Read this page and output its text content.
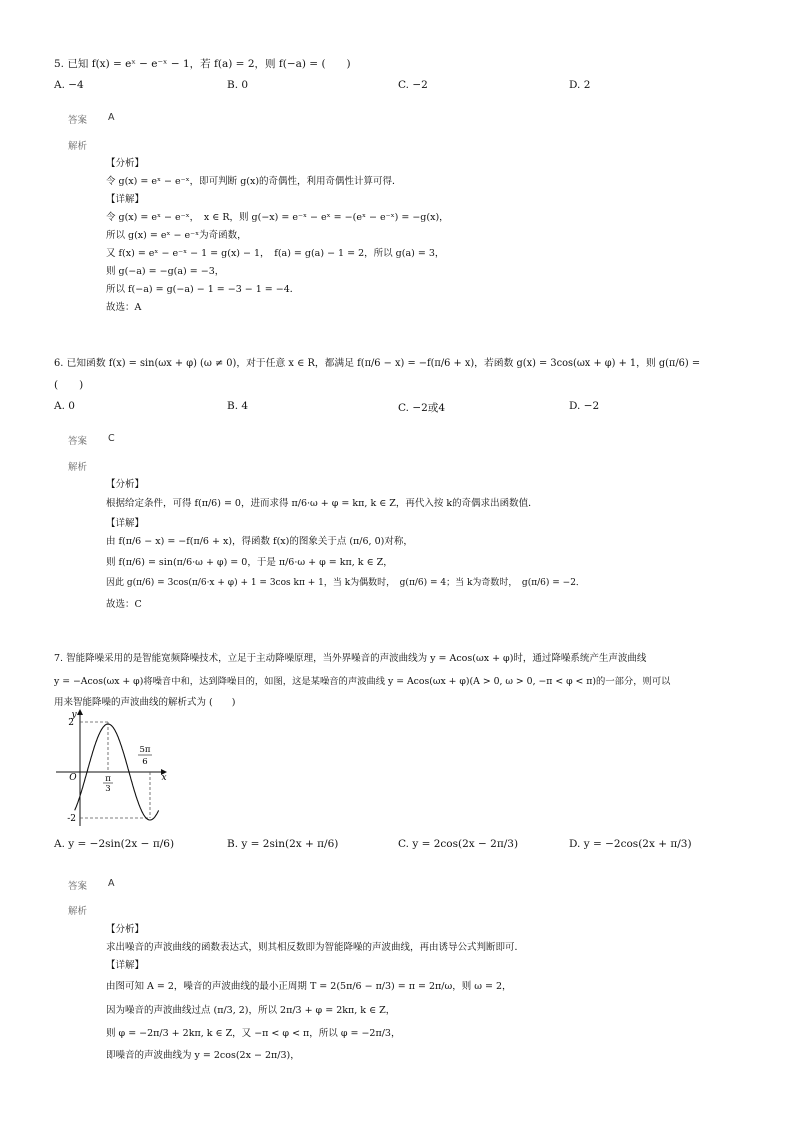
5. 已知 f(x) = eˣ − e⁻ˣ − 1，若 f(a) = 2，则 f(−a) = (　　)
A. −4	B. 0	C. −2	D. 2
答案 A
解析
【分析】
令 g(x) = eˣ − e⁻ˣ，即可判断 g(x)的奇偶性，利用奇偶性计算可得．
【详解】
令 g(x) = eˣ − e⁻ˣ，　x ∈ R，则 g(−x) = e⁻ˣ − eˣ = −(eˣ − e⁻ˣ) = −g(x)，
所以 g(x) = eˣ − e⁻ˣ为奇函数，
又 f(x) = eˣ − e⁻ˣ − 1 = g(x) − 1，　f(a) = g(a) − 1 = 2，所以 g(a) = 3，
则 g(−a) = −g(a) = −3，
所以 f(−a) = g(−a) − 1 = −3 − 1 = −4．
故选：A
6. 已知函数 f(x) = sin(ωx + φ) (ω ≠ 0)，对于任意 x ∈ R，都满足 f(π/6 − x) = −f(π/6 + x)，若函数 g(x) = 3cos(ωx + φ) + 1，则 g(π/6) =
(　　)
A. 0	B. 4	C. −2或4	D. −2
答案 C
解析
【分析】
根据给定条件，可得 f(π/6) = 0，进而求得 π/6·ω + φ = kπ, k ∈ Z，再代入按 k的奇偶求出函数值．
【详解】
由 f(π/6 − x) = −f(π/6 + x)，得函数 f(x)的图象关于点 (π/6, 0)对称，
则 f(π/6) = sin(π/6·ω + φ) = 0，于是 π/6·ω + φ = kπ, k ∈ Z，
因此 g(π/6) = 3cos(π/6·x + φ) + 1 = 3cos kπ + 1，当 k为偶数时，　g(π/6) = 4；当 k为奇数时，　g(π/6) = −2．
故选：C
7. 智能降噪采用的是智能宽频降噪技术，立足于主动降噪原理，当外界噪音的声波曲线为 y = Acos(ωx + φ)时，通过降噪系统产生声波曲线
y = −Acos(ωx + φ)将噪音中和，达到降噪目的，如图，这是某噪音的声波曲线 y = Acos(ωx + φ)(A > 0, ω > 0, −π < φ < π)的一部分，则可以
用来智能降噪的声波曲线的解析式为 (　　)
y
x
O
2
-2
π
3
5π
6
A. y = −2sin(2x − π/6)	B. y = 2sin(2x + π/6)	C. y = 2cos(2x − 2π/3)	D. y = −2cos(2x + π/3)
答案 A
解析
【分析】
求出噪音的声波曲线的函数表达式，则其相反数即为智能降噪的声波曲线，再由诱导公式判断即可．
【详解】
由图可知 A = 2，噪音的声波曲线的最小正周期 T = 2(5π/6 − π/3) = π = 2π/ω，则 ω = 2，
因为噪音的声波曲线过点 (π/3, 2)，所以 2π/3 + φ = 2kπ, k ∈ Z，
则 φ = −2π/3 + 2kπ, k ∈ Z，又 −π < φ < π，所以 φ = −2π/3，
即噪音的声波曲线为 y = 2cos(2x − 2π/3)，
